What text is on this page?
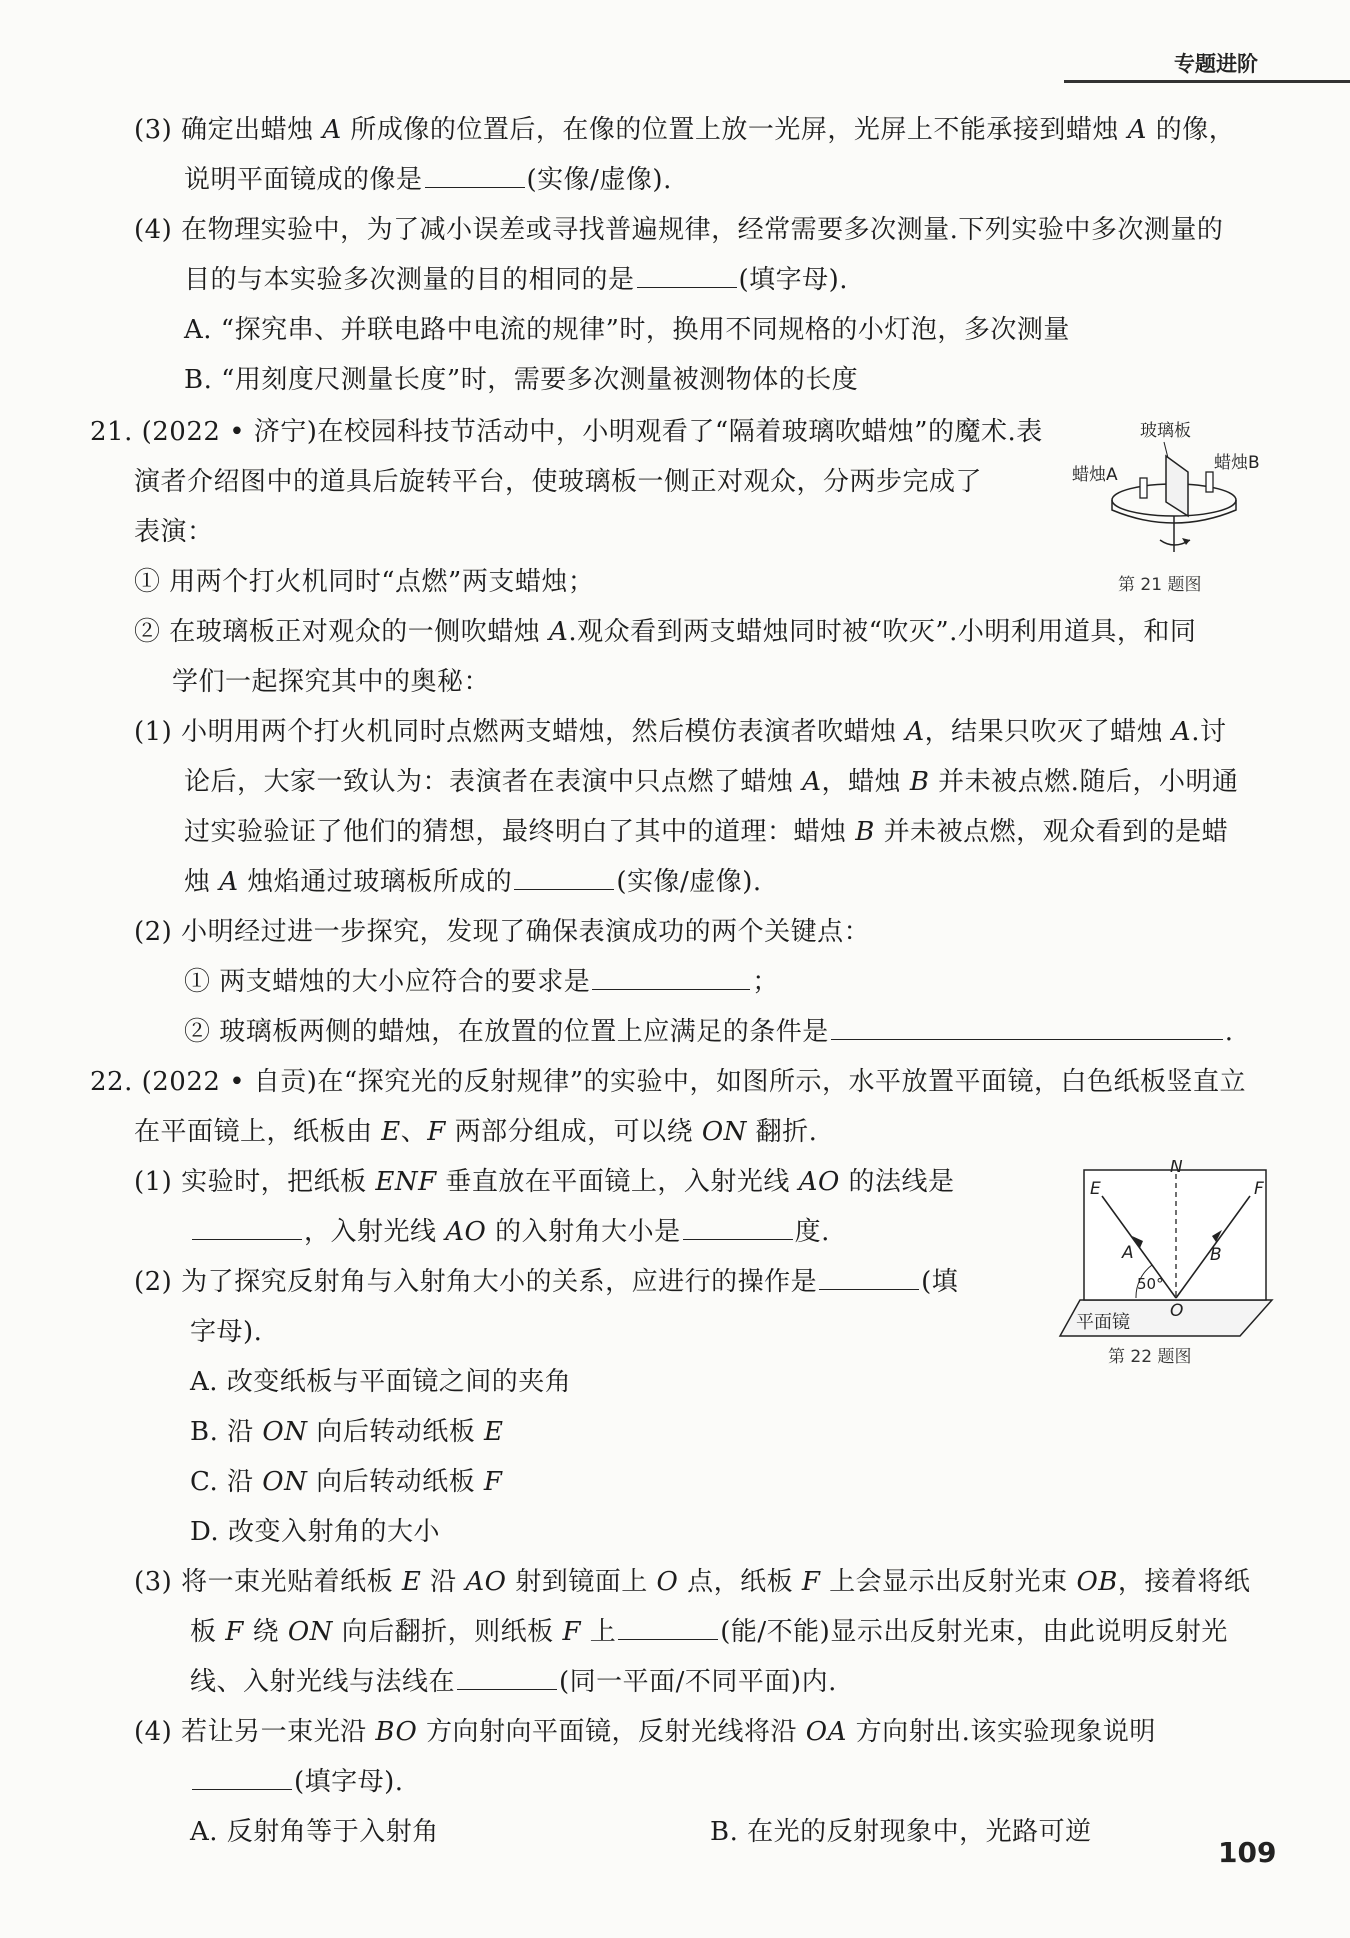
专题进阶
(3) 确定出蜡烛 A 所成像的位置后，在像的位置上放一光屏，光屏上不能承接到蜡烛 A 的像，
说明平面镜成的像是	(实像/虚像).
(4) 在物理实验中，为了减小误差或寻找普遍规律，经常需要多次测量.下列实验中多次测量的
目的与本实验多次测量的目的相同的是	(填字母).
A. “探究串、并联电路中电流的规律”时，换用不同规格的小灯泡，多次测量
B. “用刻度尺测量长度”时，需要多次测量被测物体的长度
21. (2022 • 济宁)在校园科技节活动中，小明观看了“隔着玻璃吹蜡烛”的魔术.表
演者介绍图中的道具后旋转平台，使玻璃板一侧正对观众，分两步完成了
表演：
① 用两个打火机同时“点燃”两支蜡烛；
② 在玻璃板正对观众的一侧吹蜡烛 A.观众看到两支蜡烛同时被“吹灭”.小明利用道具，和同
学们一起探究其中的奥秘：
(1) 小明用两个打火机同时点燃两支蜡烛，然后模仿表演者吹蜡烛 A，结果只吹灭了蜡烛 A.讨
论后，大家一致认为：表演者在表演中只点燃了蜡烛 A，蜡烛 B 并未被点燃.随后，小明通
过实验验证了他们的猜想，最终明白了其中的道理：蜡烛 B 并未被点燃，观众看到的是蜡
烛 A 烛焰通过玻璃板所成的	(实像/虚像).
(2) 小明经过进一步探究，发现了确保表演成功的两个关键点：
① 两支蜡烛的大小应符合的要求是	；
② 玻璃板两侧的蜡烛，在放置的位置上应满足的条件是	.
玻璃板
蜡烛A
蜡烛B
第 21 题图
22. (2022 • 自贡)在“探究光的反射规律”的实验中，如图所示，水平放置平面镜，白色纸板竖直立
在平面镜上，纸板由 E、F 两部分组成，可以绕 ON 翻折.
(1) 实验时，把纸板 ENF 垂直放在平面镜上，入射光线 AO 的法线是
，入射光线 AO 的入射角大小是	度.
(2) 为了探究反射角与入射角大小的关系，应进行的操作是	(填
字母).
A. 改变纸板与平面镜之间的夹角
B. 沿 ON 向后转动纸板 E
C. 沿 ON 向后转动纸板 F
D. 改变入射角的大小
(3) 将一束光贴着纸板 E 沿 AO 射到镜面上 O 点，纸板 F 上会显示出反射光束 OB，接着将纸
板 F 绕 ON 向后翻折，则纸板 F 上	(能/不能)显示出反射光束，由此说明反射光
线、入射光线与法线在	(同一平面/不同平面)内.
(4) 若让另一束光沿 BO 方向射向平面镜，反射光线将沿 OA 方向射出.该实验现象说明
(填字母).
A. 反射角等于入射角	B. 在光的反射现象中，光路可逆
E
N
F
A	B
50°
O
平面镜
第 22 题图
109
